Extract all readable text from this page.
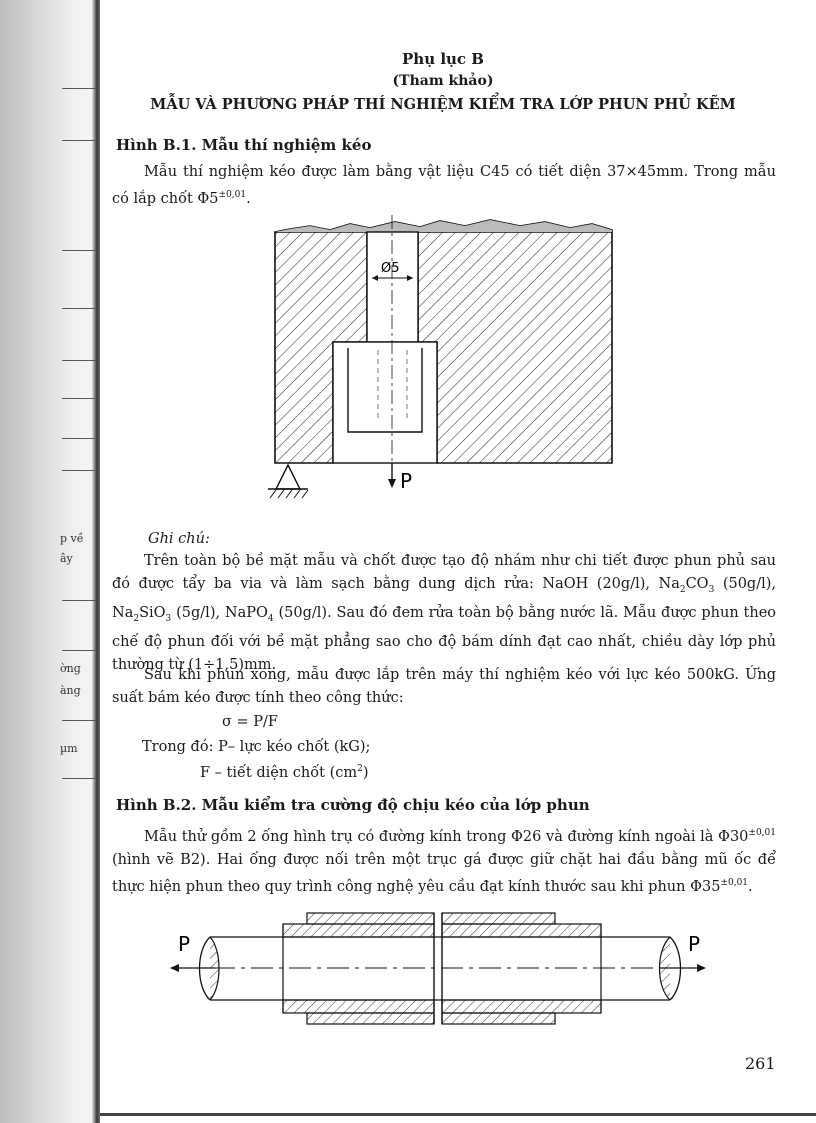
p về
ây
ờng
àng
µm
Phụ lục B
(Tham khảo)
MẪU VÀ PHƯƠNG PHÁP THÍ NGHIỆM KIỂM TRA LỚP PHUN PHỦ KẼM
Hình B.1. Mẫu thí nghiệm kéo
Mẫu thí nghiệm kéo được làm bằng vật liệu C45 có tiết diện 37×45mm. Trong mẫu có lắp chốt $\Phi 5^{\pm 0,01}$.
Ghi chú:
Trên toàn bộ bề mặt mẫu và chốt được tạo độ nhám như chi tiết được phun phủ sau đó được tẩy ba via và làm sạch bằng dung dịch rửa: NaOH (20g/l), $Na_2CO_3$ (50g/l), $Na_2SiO_3$ (5g/l), NaPO$_4$ (50g/l). Sau đó đem rửa toàn bộ bằng nước lã. Mẫu được phun theo chế độ phun đối với bề mặt phẳng sao cho độ bám dính đạt cao nhất, chiều dày lớp phủ thường từ (1÷1,5)mm.
Sau khi phun xong, mẫu được lắp trên máy thí nghiệm kéo với lực kéo 500kG. Ứng suất bám kéo được tính theo công thức:
σ = P/F
Trong đó: P– lực kéo chốt (kG);
F – tiết diện chốt $(cm^2)$
Hình B.2. Mẫu kiểm tra cường độ chịu kéo của lớp phun
Mẫu thử gồm 2 ống hình trụ có đường kính trong Φ26 và đường kính ngoài là $\Phi 30^{\pm 0,01}$ (hình vẽ B2). Hai ống được nối trên một trục gá được giữ chặt hai đầu bằng mũ ốc để thực hiện phun theo quy trình công nghệ yêu cầu đạt kính thước sau khi phun $\Phi 35^{\pm 0,01}$.
Ø5
P
P	P
261
